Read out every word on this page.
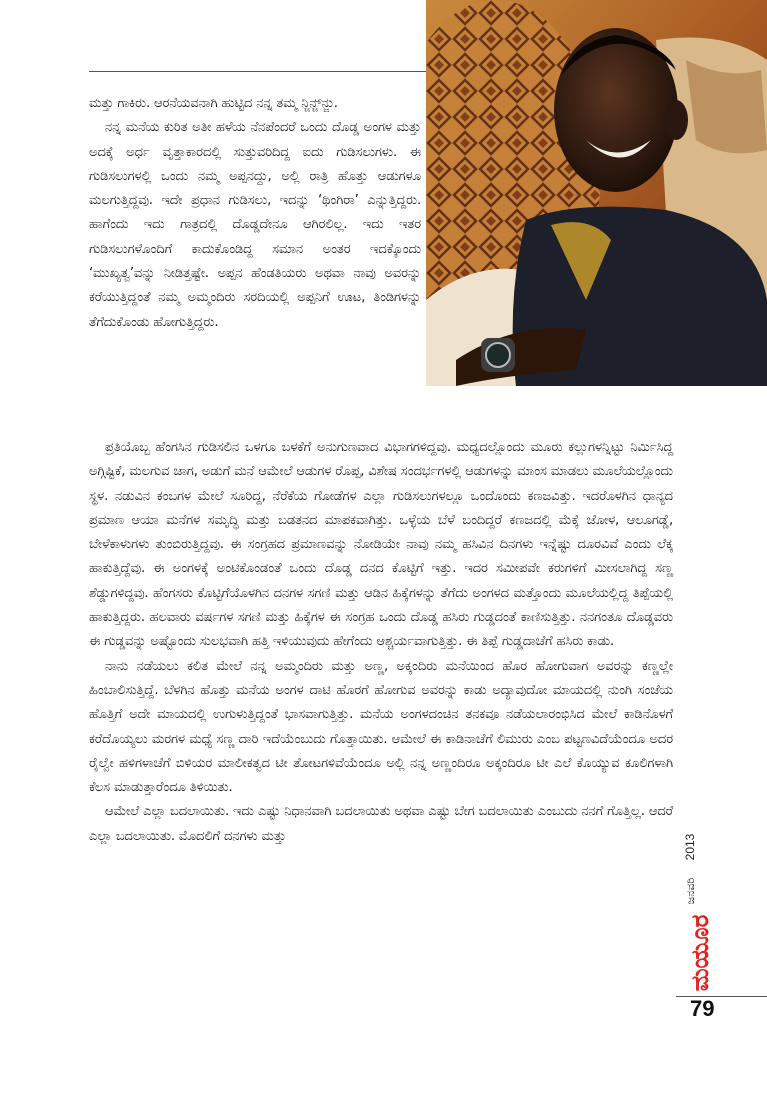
ಮತ್ತು ಗಾಕಿರು. ಆರನೆಯವನಾಗಿ ಹುಟ್ಟಿದ ನನ್ನ ತಮ್ಮ ನ್ಜಿನ್ಜ್‌ನ್ಜು.

ನನ್ನ ಮನೆಯ ಕುರಿತ ಅತೀ ಹಳೆಯ ನೆನಪೆಂದರೆ ಒಂದು ದೊಡ್ಡ ಅಂಗಳ ಮತ್ತು ಅದಕ್ಕೆ ಅರ್ಧ ವೃತ್ತಾಕಾರದಲ್ಲಿ ಸುತ್ತುವರಿದಿದ್ದ ಐದು ಗುಡಿಸಲುಗಳು. ಈ ಗುಡಿಸಲುಗಳಲ್ಲಿ ಒಂದು ನಮ್ಮ ಅಪ್ಪನದ್ದು, ಅಲ್ಲಿ ರಾತ್ರಿ ಹೊತ್ತು ಆಡುಗಳೂ ಮಲಗುತ್ತಿದ್ದವು. ಇದೇ ಪ್ರಧಾನ ಗುಡಿಸಲು, ಇದನ್ನು ‘ಥಿಂಗಿರಾ’ ಎನ್ನುತ್ತಿದ್ದರು. ಹಾಗೆಂದು ಇದು ಗಾತ್ರದಲ್ಲಿ ದೊಡ್ಡದೇನೂ ಆಗಿರಲಿಲ್ಲ. ಇದು ಇತರ ಗುಡಿಸಲುಗಳೊಂದಿಗೆ ಕಾದುಕೊಂಡಿದ್ದ ಸಮಾನ ಅಂತರ ಇದಕ್ಕೊಂದು ‘ಮುಖ್ಯತ್ವ’ವನ್ನು ನೀಡಿತ್ತಷ್ಟೇ. ಅಪ್ಪನ ಹೆಂಡತಿಯರು ಅಥವಾ ನಾವು ಅವರನ್ನು ಕರೆಯುತ್ತಿದ್ದಂತೆ ನಮ್ಮ ಅಮ್ಮಂದಿರು ಸರದಿಯಲ್ಲಿ ಅಪ್ಪನಿಗೆ ಊಟ, ತಿಂಡಿಗಳನ್ನು ತೆಗೆದುಕೊಂಡು ಹೋಗುತ್ತಿದ್ದರು.

ಪ್ರತಿಯೊಬ್ಬ ಹೆಂಗಸಿನ ಗುಡಿಸಲಿನ ಒಳಗೂ ಬಳಕೆಗೆ ಅನುಗುಣವಾದ ವಿಭಾಗಗಳಿದ್ದವು. ಮಧ್ಯದಲ್ಲೊಂದು ಮೂರು ಕಲ್ಲುಗಳನ್ನಿಟ್ಟು ನಿರ್ಮಿಸಿದ್ದ ಅಗ್ಗಿಷ್ಟಿಕೆ, ಮಲಗುವ ಜಾಗ, ಅಡುಗೆ ಮನೆ ಆಮೇಲೆ ಆಡುಗಳ ರೊಪ್ಪ, ವಿಶೇಷ ಸಂದರ್ಭಗಳಲ್ಲಿ ಆಡುಗಳನ್ನು ಮಾಂಸ ಮಾಡಲು ಮೂಲೆಯಲ್ಲೊಂದು ಸ್ಥಳ. ನಡುವಿನ ಕಂಬಗಳ ಮೇಲೆ ಸೂರಿದ್ದ, ನೆರೆಕೆಯ ಗೋಡೆಗಳ ಎಲ್ಲಾ ಗುಡಿಸಲುಗಳಲ್ಲೂ ಒಂದೊಂದು ಕಣಜವಿತ್ತು. ಇದರೊಳಗಿನ ಧಾನ್ಯದ ಪ್ರಮಾಣ ಆಯಾ ಮನೆಗಳ ಸಮೃದ್ಧಿ ಮತ್ತು ಬಡತನದ ಮಾಪಕವಾಗಿತ್ತು. ಒಳ್ಳೆಯ ಬೆಳೆ ಬಂದಿದ್ದರೆ ಕಣಜದಲ್ಲಿ ಮೆಕ್ಕೆ ಜೋಳ, ಆಲೂಗಡ್ಡೆ, ಬೇಳೆಕಾಳುಗಳು ತುಂಬಿರುತ್ತಿದ್ದವು. ಈ ಸಂಗ್ರಹದ ಪ್ರಮಾಣವನ್ನು ನೋಡಿಯೇ ನಾವು ನಮ್ಮ ಹಸಿವಿನ ದಿನಗಳು ಇನ್ನೆಷ್ಟು ದೂರವಿವೆ ಎಂದು ಲೆಕ್ಕ ಹಾಕುತ್ತಿದ್ದೆವು. ಈ ಅಂಗಳಕ್ಕೆ ಅಂಟಿಕೊಂಡಂತೆ ಒಂದು ದೊಡ್ಡ ದನದ ಕೊಟ್ಟಿಗೆ ಇತ್ತು. ಇದರ ಸಮೀಪವೇ ಕರುಗಳಿಗೆ ಮೀಸಲಾಗಿದ್ದ ಸಣ್ಣ ಶೆಡ್ಡುಗಳಿದ್ದವು. ಹೆಂಗಸರು ಕೊಟ್ಟಿಗೆಯೊಳಗಿನ ದನಗಳ ಸಗಣಿ ಮತ್ತು ಆಡಿನ ಹಿಕ್ಕೆಗಳನ್ನು ತೆಗೆದು ಅಂಗಳದ ಮತ್ತೊಂದು ಮೂಲೆಯಲ್ಲಿದ್ದ ತಿಪ್ಪೆಯಲ್ಲಿ ಹಾಕುತ್ತಿದ್ದರು. ಹಲವಾರು ವರ್ಷಗಳ ಸಗಣಿ ಮತ್ತು ಹಿಕ್ಕೆಗಳ ಈ ಸಂಗ್ರಹ ಒಂದು ದೊಡ್ಡ ಹಸಿರು ಗುಡ್ಡದಂತೆ ಕಾಣಿಸುತ್ತಿತ್ತು. ನನಗಂತೂ ದೊಡ್ಡವರು ಈ ಗುಡ್ಡವನ್ನು ಅಷ್ಟೊಂದು ಸುಲಭವಾಗಿ ಹತ್ತಿ ಇಳಿಯುವುದು ಹೇಗೆಂದು ಆಶ್ಚರ್ಯವಾಗುತ್ತಿತ್ತು. ಈ ತಿಪ್ಪೆ ಗುಡ್ಡದಾಚೆಗೆ ಹಸಿರು ಕಾಡು.

ನಾನು ನಡೆಯಲು ಕಲಿತ ಮೇಲೆ ನನ್ನ ಅಮ್ಮಂದಿರು ಮತ್ತು ಅಣ್ಣ, ಅಕ್ಕಂದಿರು ಮನೆಯಿಂದ ಹೊರ ಹೋಗುವಾಗ ಅವರನ್ನು ಕಣ್ಣಲ್ಲೇ ಹಿಂಬಾಲಿಸುತ್ತಿದ್ದೆ. ಬೆಳಗಿನ ಹೊತ್ತು ಮನೆಯ ಅಂಗಳ ದಾಟಿ ಹೊರಗೆ ಹೋಗುವ ಅವರನ್ನು ಕಾಡು ಅದ್ಯಾವುದೋ ಮಾಯದಲ್ಲಿ ನುಂಗಿ ಸಂಜೆಯ ಹೊತ್ತಿಗೆ ಅದೇ ಮಾಯದಲ್ಲಿ ಉಗುಳುತ್ತಿದ್ದಂತೆ ಭಾಸವಾಗುತ್ತಿತ್ತು. ಮನೆಯ ಅಂಗಳದಂಚಿನ ತನಕವೂ ನಡೆಯಲಾರಂಭಿಸಿದ ಮೇಲೆ ಕಾಡಿನೊಳಗೆ ಕರೆದೊಯ್ಯಲು ಮರಗಳ ಮಧ್ಯೆ ಸಣ್ಣ ದಾರಿ ಇದೆಯೆಂಬುದು ಗೊತ್ತಾಯಿತು. ಆಮೇಲೆ ಈ ಕಾಡಿನಾಚೆಗೆ ಲಿಮುರು ಎಂಬ ಪಟ್ಟಣವಿದೆಯೆಂದೂ ಅದರ ರೈಲ್ವೇ ಹಳಿಗಳಾಚೆಗೆ ಬಿಳಿಯರ ಮಾಲೀಕತ್ವದ ಟೀ ತೋಟಗಳಿವೆಯೆಂದೂ ಅಲ್ಲಿ ನನ್ನ ಅಣ್ಣಂದಿರೂ ಅಕ್ಕಂದಿರೂ ಟೀ ಎಲೆ ಕೊಯ್ಯುವ ಕೂಲಿಗಳಾಗಿ ಕೆಲಸ ಮಾಡುತ್ತಾರೆಂದೂ ತಿಳಿಯಿತು.

ಆಮೇಲೆ ಎಲ್ಲಾ ಬದಲಾಯಿತು. ಇದು ಎಷ್ಟು ನಿಧಾನವಾಗಿ ಬದಲಾಯಿತು ಅಥವಾ ಎಷ್ಟು ಬೇಗ ಬದಲಾಯಿತು ಎಂಬುದು ನನಗೆ ಗೊತ್ತಿಲ್ಲ. ಆದರೆ ಎಲ್ಲಾ ಬದಲಾಯಿತು. ಮೊದಲಿಗೆ ದನಗಳು ಮತ್ತು	2013
ಜನವರಿ
ಮಯೂರ
79
